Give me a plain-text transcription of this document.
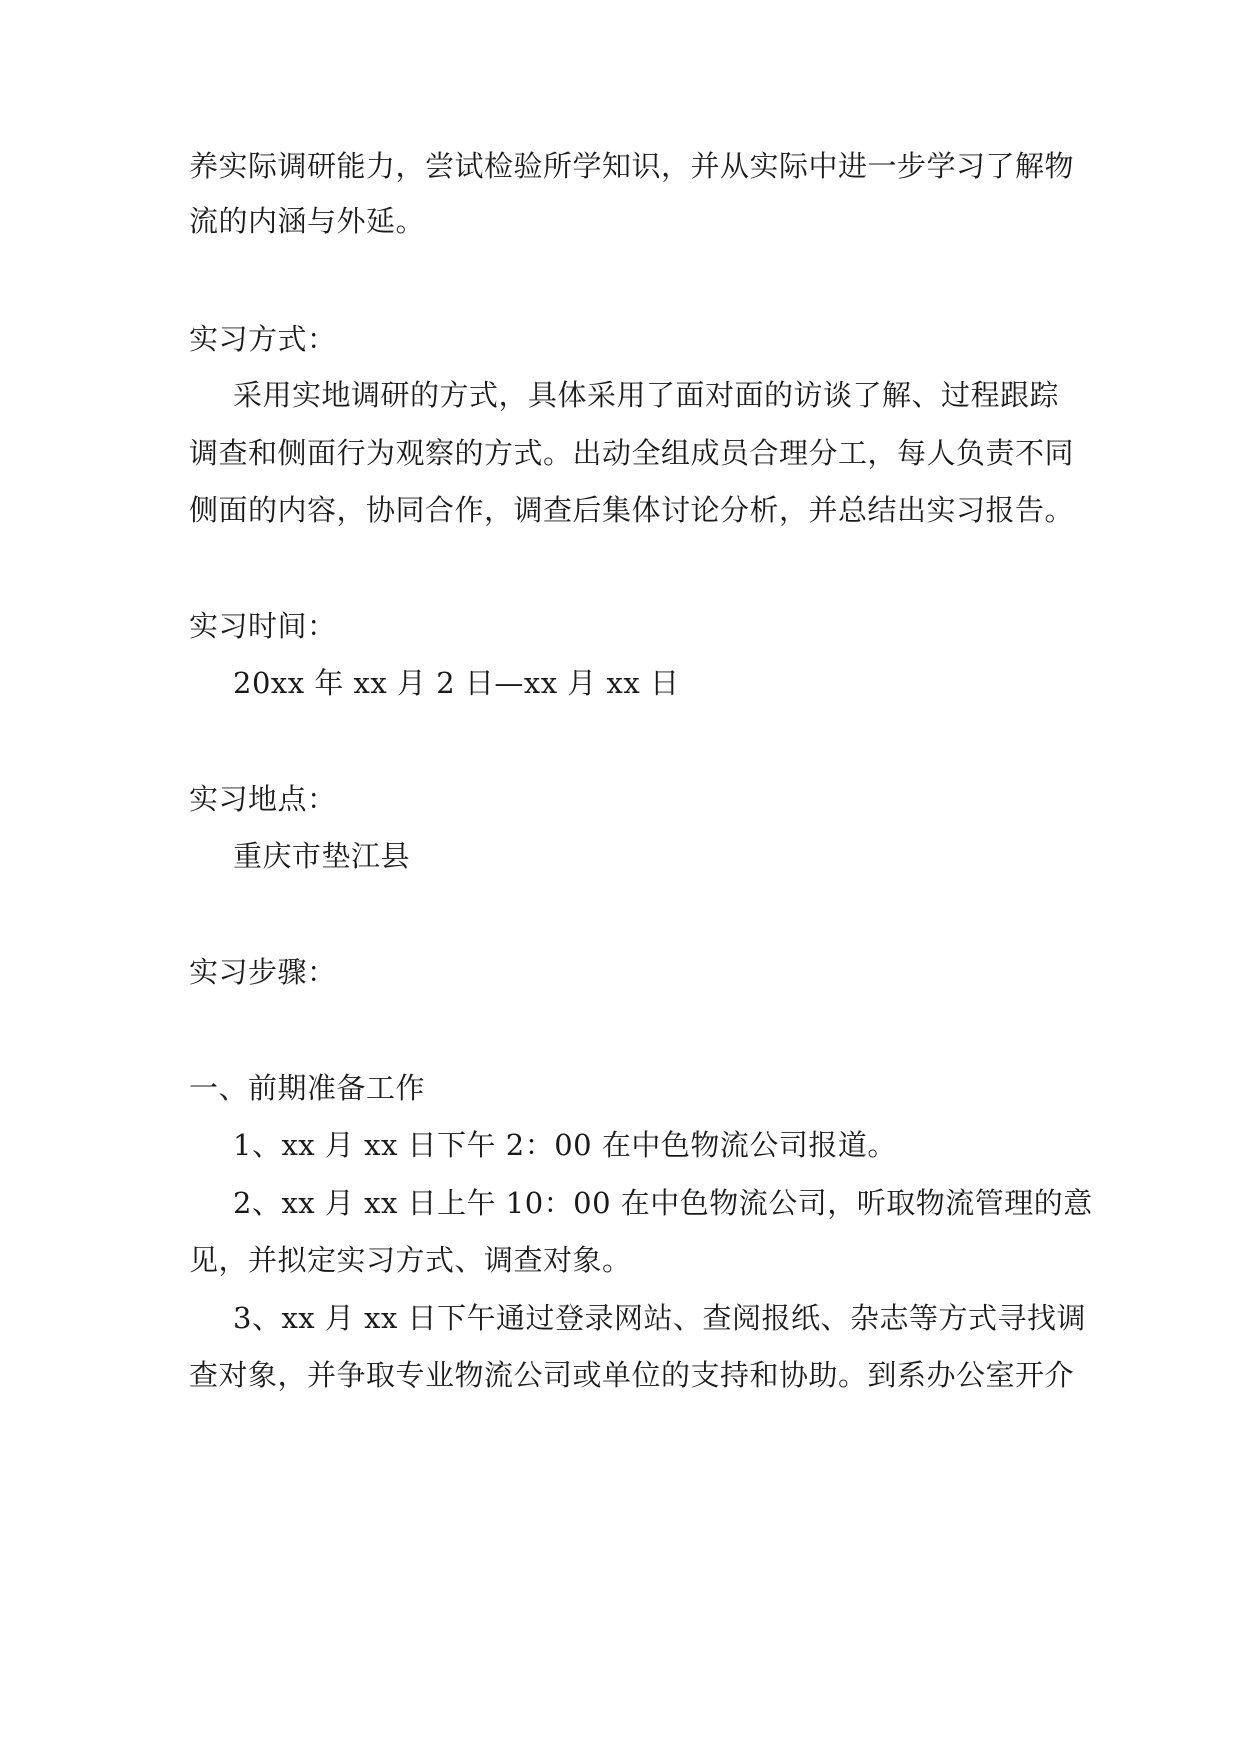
养实际调研能力，尝试检验所学知识，并从实际中进一步学习了解物
流的内涵与外延。
实习方式：
采用实地调研的方式，具体采用了面对面的访谈了解、过程跟踪
调查和侧面行为观察的方式。出动全组成员合理分工，每人负责不同
侧面的内容，协同合作，调查后集体讨论分析，并总结出实习报告。
实习时间：
20xx 年 xx 月 2 日—xx 月 xx 日
实习地点：
重庆市垫江县
实习步骤：
一、前期准备工作
1、xx 月 xx 日下午 2：00 在中色物流公司报道。
2、xx 月 xx 日上午 10：00 在中色物流公司，听取物流管理的意
见，并拟定实习方式、调查对象。
3、xx 月 xx 日下午通过登录网站、查阅报纸、杂志等方式寻找调
查对象，并争取专业物流公司或单位的支持和协助。到系办公室开介
